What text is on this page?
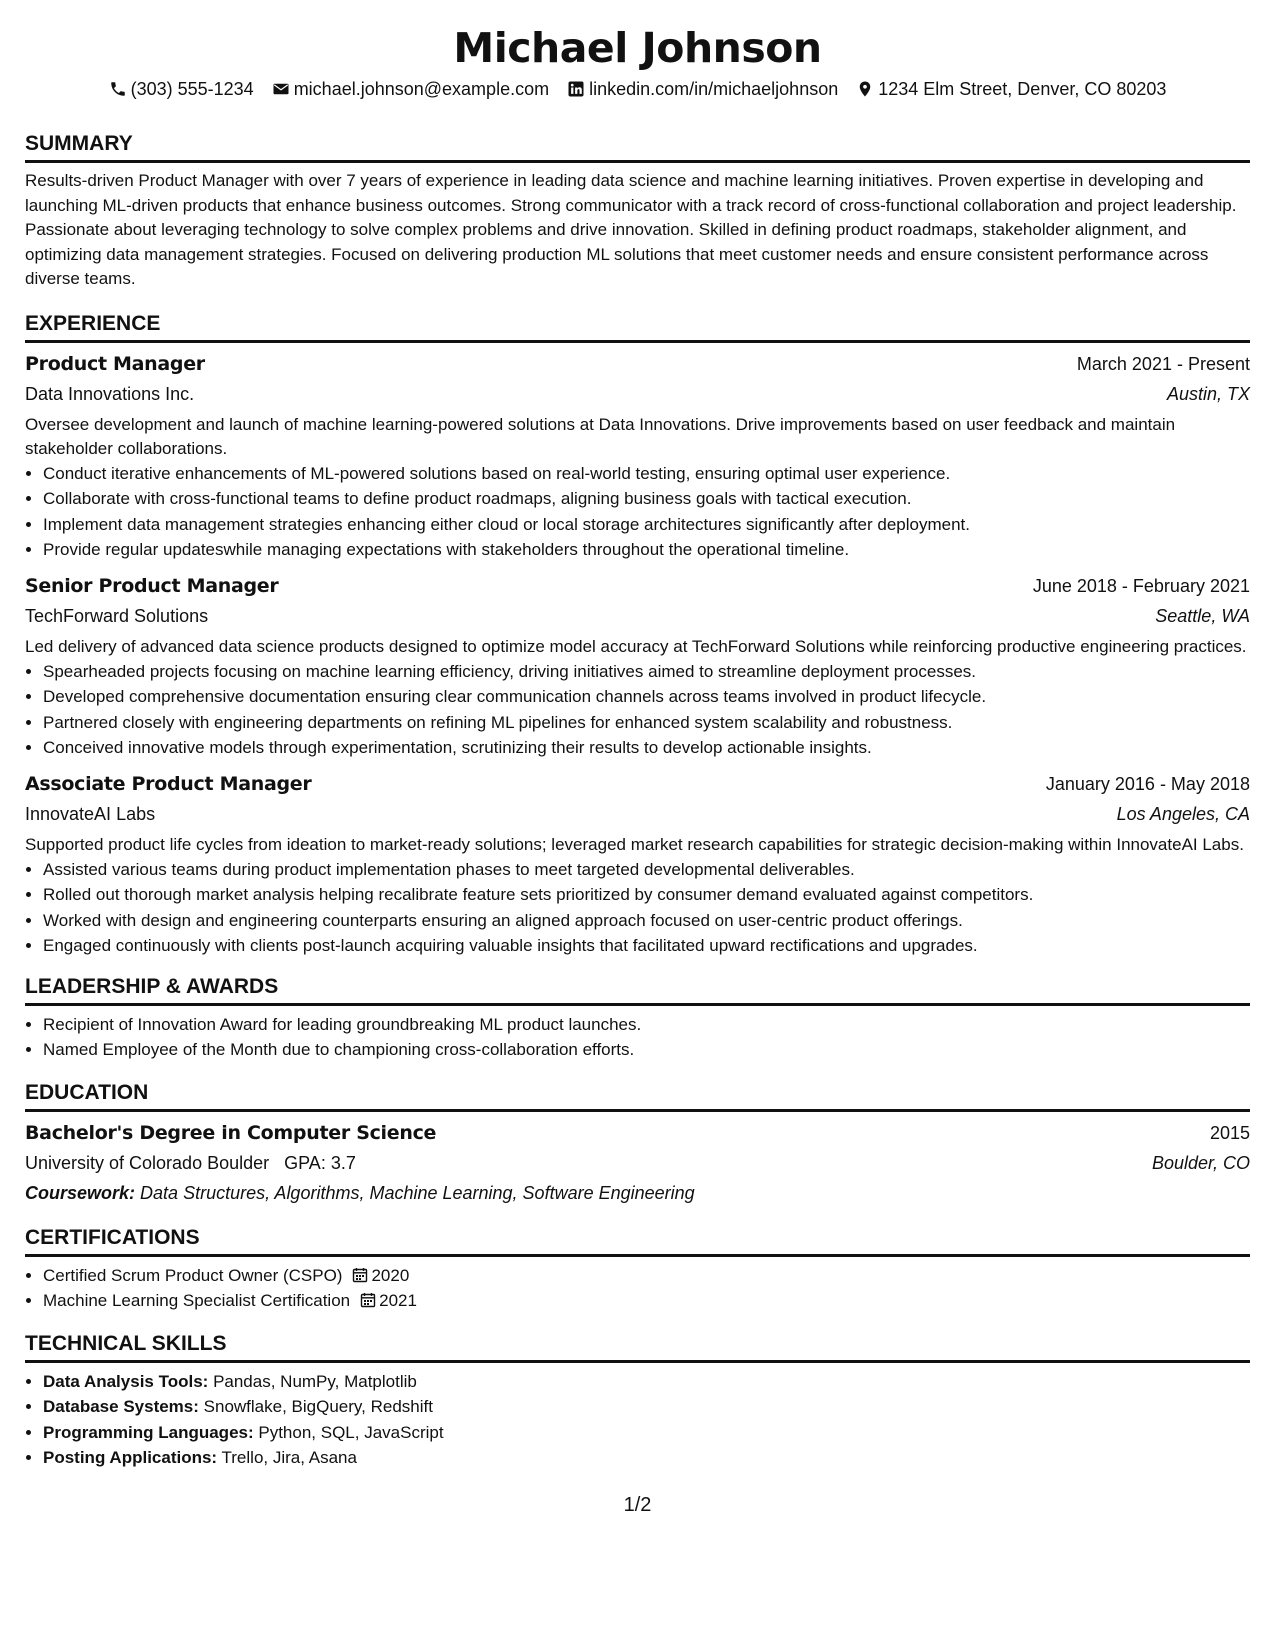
Michael Johnson
(303) 555-1234 michael.johnson@example.com linkedin.com/in/michaeljohnson 1234 Elm Street, Denver, CO 80203
SUMMARY

Results-driven Product Manager with over 7 years of experience in leading data science and machine learning initiatives. Proven expertise in developing and launching ML-driven products that enhance business outcomes. Strong communicator with a track record of cross-functional collaboration and project leadership. Passionate about leveraging technology to solve complex problems and drive innovation. Skilled in defining product roadmaps, stakeholder alignment, and optimizing data management strategies. Focused on delivering production ML solutions that meet customer needs and ensure consistent performance across diverse teams.

EXPERIENCE
Product Manager	March 2021 - Present
Data Innovations Inc.	Austin, TX

Oversee development and launch of machine learning-powered solutions at Data Innovations. Drive improvements based on user feedback and maintain stakeholder collaborations.

• Conduct iterative enhancements of ML-powered solutions based on real-world testing, ensuring optimal user experience.
• Collaborate with cross-functional teams to define product roadmaps, aligning business goals with tactical execution.
• Implement data management strategies enhancing either cloud or local storage architectures significantly after deployment.
• Provide regular updateswhile managing expectations with stakeholders throughout the operational timeline.
Senior Product Manager	June 2018 - February 2021
TechForward Solutions	Seattle, WA

Led delivery of advanced data science products designed to optimize model accuracy at TechForward Solutions while reinforcing productive engineering practices.

• Spearheaded projects focusing on machine learning efficiency, driving initiatives aimed to streamline deployment processes.
• Developed comprehensive documentation ensuring clear communication channels across teams involved in product lifecycle.
• Partnered closely with engineering departments on refining ML pipelines for enhanced system scalability and robustness.
• Conceived innovative models through experimentation, scrutinizing their results to develop actionable insights.
Associate Product Manager	January 2016 - May 2018
InnovateAI Labs	Los Angeles, CA

Supported product life cycles from ideation to market-ready solutions; leveraged market research capabilities for strategic decision-making within InnovateAI Labs.

• Assisted various teams during product implementation phases to meet targeted developmental deliverables.
• Rolled out thorough market analysis helping recalibrate feature sets prioritized by consumer demand evaluated against competitors.
• Worked with design and engineering counterparts ensuring an aligned approach focused on user-centric product offerings.
• Engaged continuously with clients post-launch acquiring valuable insights that facilitated upward rectifications and upgrades.
LEADERSHIP & AWARDS
• Recipient of Innovation Award for leading groundbreaking ML product launches.
• Named Employee of the Month due to championing cross-collaboration efforts.
EDUCATION
Bachelor's Degree in Computer Science	2015
University of Colorado Boulder GPA: 3.7	Boulder, CO
Coursework: Data Structures, Algorithms, Machine Learning, Software Engineering
CERTIFICATIONS
• Certified Scrum Product Owner (CSPO) 2020
• Machine Learning Specialist Certification 2021
TECHNICAL SKILLS
• Data Analysis Tools: Pandas, NumPy, Matplotlib
• Database Systems: Snowflake, BigQuery, Redshift
• Programming Languages: Python, SQL, JavaScript
• Posting Applications: Trello, Jira, Asana
1/2
